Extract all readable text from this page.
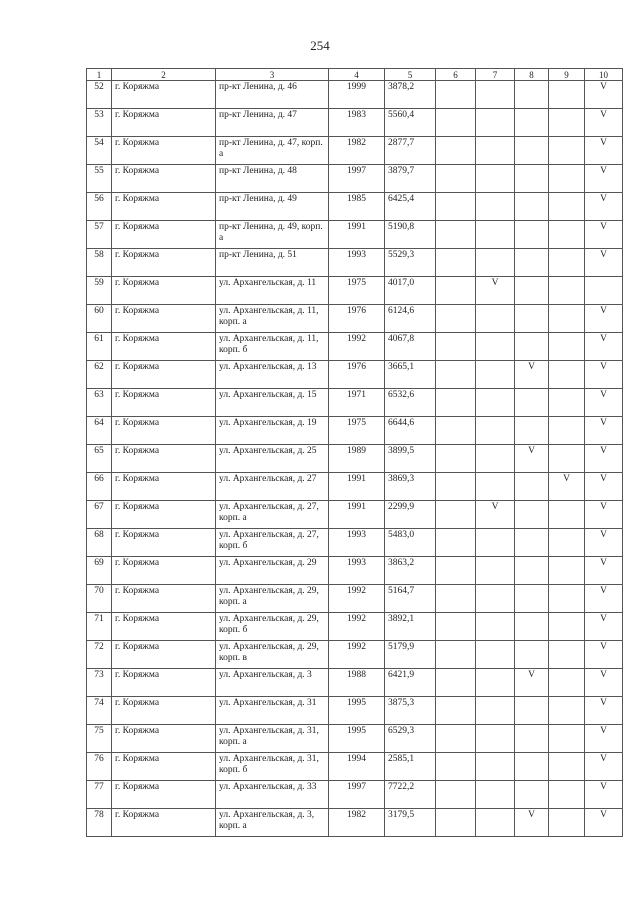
254
1	2	3	4	5	6	7	8	9	10
52	г. Коряжма	пр-кт Ленина, д. 46	1999	3878,2					V
53	г. Коряжма	пр-кт Ленина, д. 47	1983	5560,4					V
54	г. Коряжма	пр-кт Ленина, д. 47, корп. а	1982	2877,7					V
55	г. Коряжма	пр-кт Ленина, д. 48	1997	3879,7					V
56	г. Коряжма	пр-кт Ленина, д. 49	1985	6425,4					V
57	г. Коряжма	пр-кт Ленина, д. 49, корп. а	1991	5190,8					V
58	г. Коряжма	пр-кт Ленина, д. 51	1993	5529,3					V
59	г. Коряжма	ул. Архангельская, д. 11	1975	4017,0		V			
60	г. Коряжма	ул. Архангельская, д. 11, корп. а	1976	6124,6					V
61	г. Коряжма	ул. Архангельская, д. 11, корп. б	1992	4067,8					V
62	г. Коряжма	ул. Архангельская, д. 13	1976	3665,1			V		V
63	г. Коряжма	ул. Архангельская, д. 15	1971	6532,6					V
64	г. Коряжма	ул. Архангельская, д. 19	1975	6644,6					V
65	г. Коряжма	ул. Архангельская, д. 25	1989	3899,5			V		V
66	г. Коряжма	ул. Архангельская, д. 27	1991	3869,3				V	V
67	г. Коряжма	ул. Архангельская, д. 27, корп. а	1991	2299,9		V			V
68	г. Коряжма	ул. Архангельская, д. 27, корп. б	1993	5483,0					V
69	г. Коряжма	ул. Архангельская, д. 29	1993	3863,2					V
70	г. Коряжма	ул. Архангельская, д. 29, корп. а	1992	5164,7					V
71	г. Коряжма	ул. Архангельская, д. 29, корп. б	1992	3892,1					V
72	г. Коряжма	ул. Архангельская, д. 29, корп. в	1992	5179,9					V
73	г. Коряжма	ул. Архангельская, д. 3	1988	6421,9			V		V
74	г. Коряжма	ул. Архангельская, д. 31	1995	3875,3					V
75	г. Коряжма	ул. Архангельская, д. 31, корп. а	1995	6529,3					V
76	г. Коряжма	ул. Архангельская, д. 31, корп. б	1994	2585,1					V
77	г. Коряжма	ул. Архангельская, д. 33	1997	7722,2					V
78	г. Коряжма	ул. Архангельская, д. 3, корп. а	1982	3179,5			V		V
